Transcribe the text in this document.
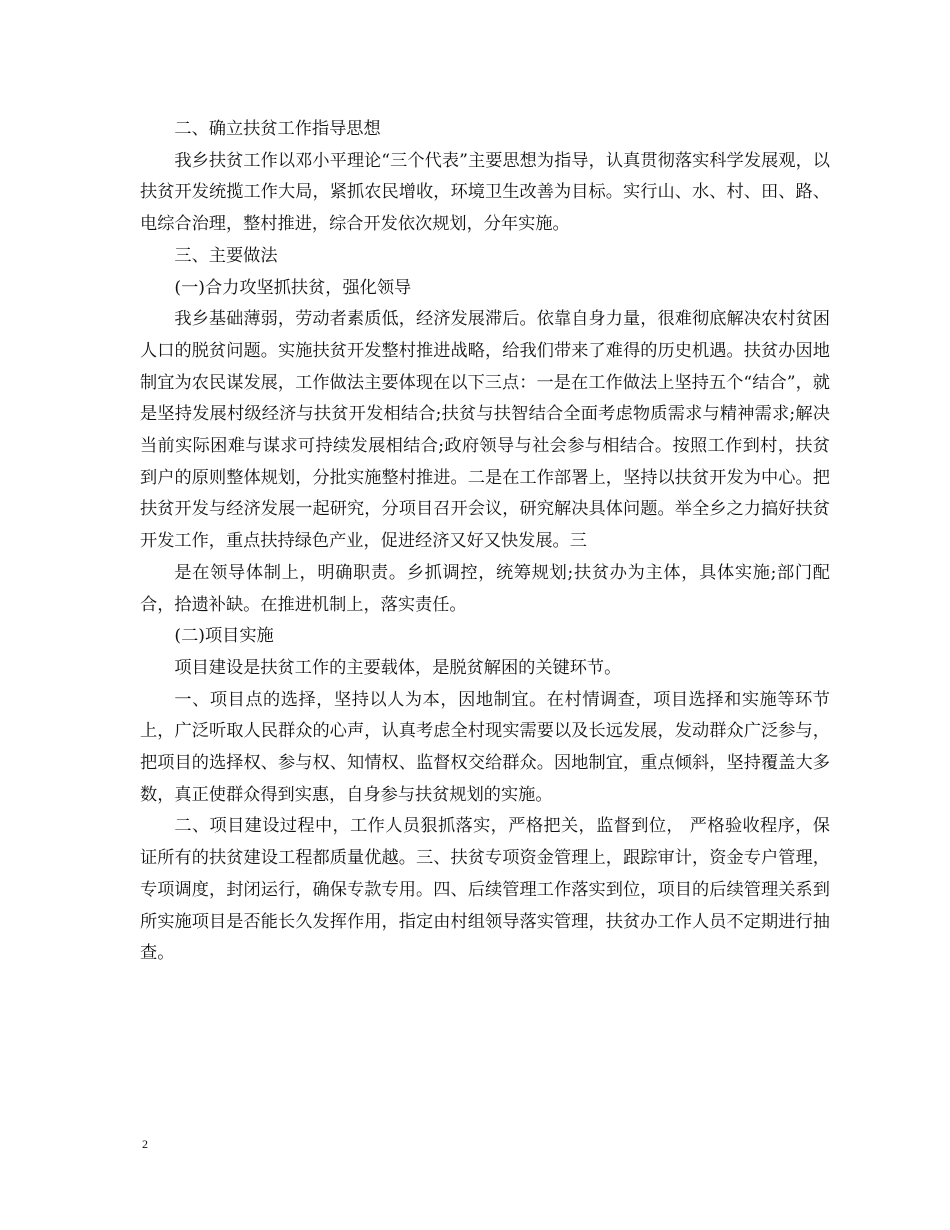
二、确立扶贫工作指导思想

我乡扶贫工作以邓小平理论“三个代表”主要思想为指导，认真贯彻落实科学发展观，以扶贫开发统揽工作大局，紧抓农民增收，环境卫生改善为目标。实行山、水、村、田、路、电综合治理，整村推进，综合开发依次规划，分年实施。

三、主要做法

(一)合力攻坚抓扶贫，强化领导

我乡基础薄弱，劳动者素质低，经济发展滞后。依靠自身力量，很难彻底解决农村贫困人口的脱贫问题。实施扶贫开发整村推进战略，给我们带来了难得的历史机遇。扶贫办因地制宜为农民谋发展，工作做法主要体现在以下三点：一是在工作做法上坚持五个“结合”，就是坚持发展村级经济与扶贫开发相结合;扶贫与扶智结合全面考虑物质需求与精神需求;解决当前实际困难与谋求可持续发展相结合;政府领导与社会参与相结合。按照工作到村，扶贫到户的原则整体规划，分批实施整村推进。二是在工作部署上，坚持以扶贫开发为中心。把扶贫开发与经济发展一起研究，分项目召开会议，研究解决具体问题。举全乡之力搞好扶贫开发工作，重点扶持绿色产业，促进经济又好又快发展。三

是在领导体制上，明确职责。乡抓调控，统筹规划;扶贫办为主体，具体实施;部门配合，拾遗补缺。在推进机制上，落实责任。

(二)项目实施

项目建设是扶贫工作的主要载体，是脱贫解困的关键环节。

一、项目点的选择，坚持以人为本，因地制宜。在村情调查，项目选择和实施等环节上，广泛听取人民群众的心声，认真考虑全村现实需要以及长远发展，发动群众广泛参与，把项目的选择权、参与权、知情权、监督权交给群众。因地制宜，重点倾斜，坚持覆盖大多数，真正使群众得到实惠，自身参与扶贫规划的实施。

二、项目建设过程中，工作人员狠抓落实，严格把关，监督到位， 严格验收程序，保证所有的扶贫建设工程都质量优越。三、扶贫专项资金管理上，跟踪审计，资金专户管理，专项调度，封闭运行，确保专款专用。四、后续管理工作落实到位，项目的后续管理关系到所实施项目是否能长久发挥作用，指定由村组领导落实管理，扶贫办工作人员不定期进行抽查。

2
